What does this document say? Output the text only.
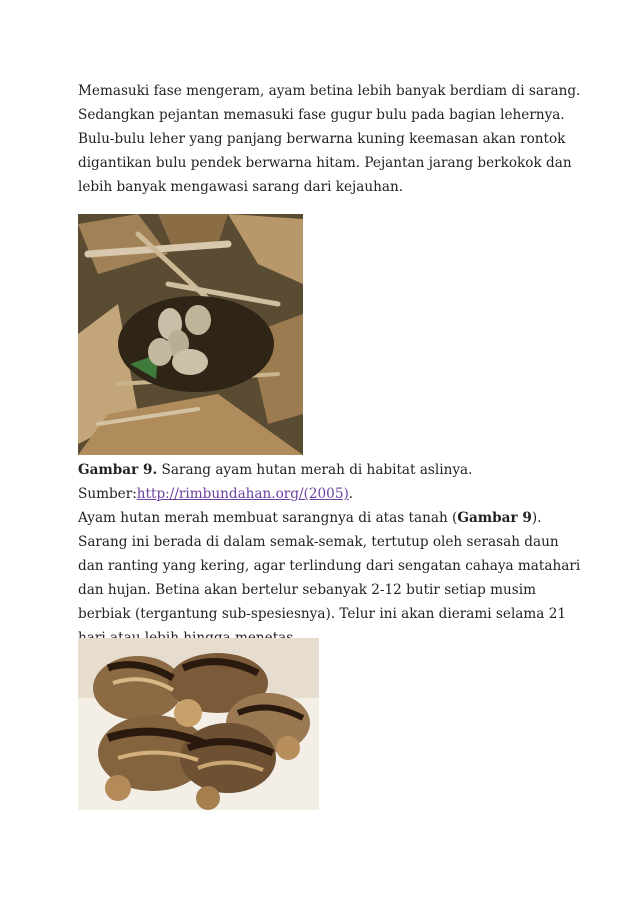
Memasuki fase mengeram, ayam betina lebih banyak berdiam di sarang.
Sedangkan pejantan memasuki fase gugur bulu pada bagian lehernya.
Bulu-bulu leher yang panjang berwarna kuning keemasan akan rontok
digantikan bulu pendek berwarna hitam. Pejantan jarang berkokok dan
lebih banyak mengawasi sarang dari kejauhan.

Gambar 9. Sarang ayam hutan merah di habitat aslinya.
Sumber:http://rimbundahan.org/(2005).
Ayam hutan merah membuat sarangnya di atas tanah (Gambar 9).
Sarang ini berada di dalam semak-semak, tertutup oleh serasah daun
dan ranting yang kering, agar terlindung dari sengatan cahaya matahari
dan hujan. Betina akan bertelur sebanyak 2-12 butir setiap musim
berbiak (tergantung sub-spesiesnya). Telur ini akan dierami selama 21
